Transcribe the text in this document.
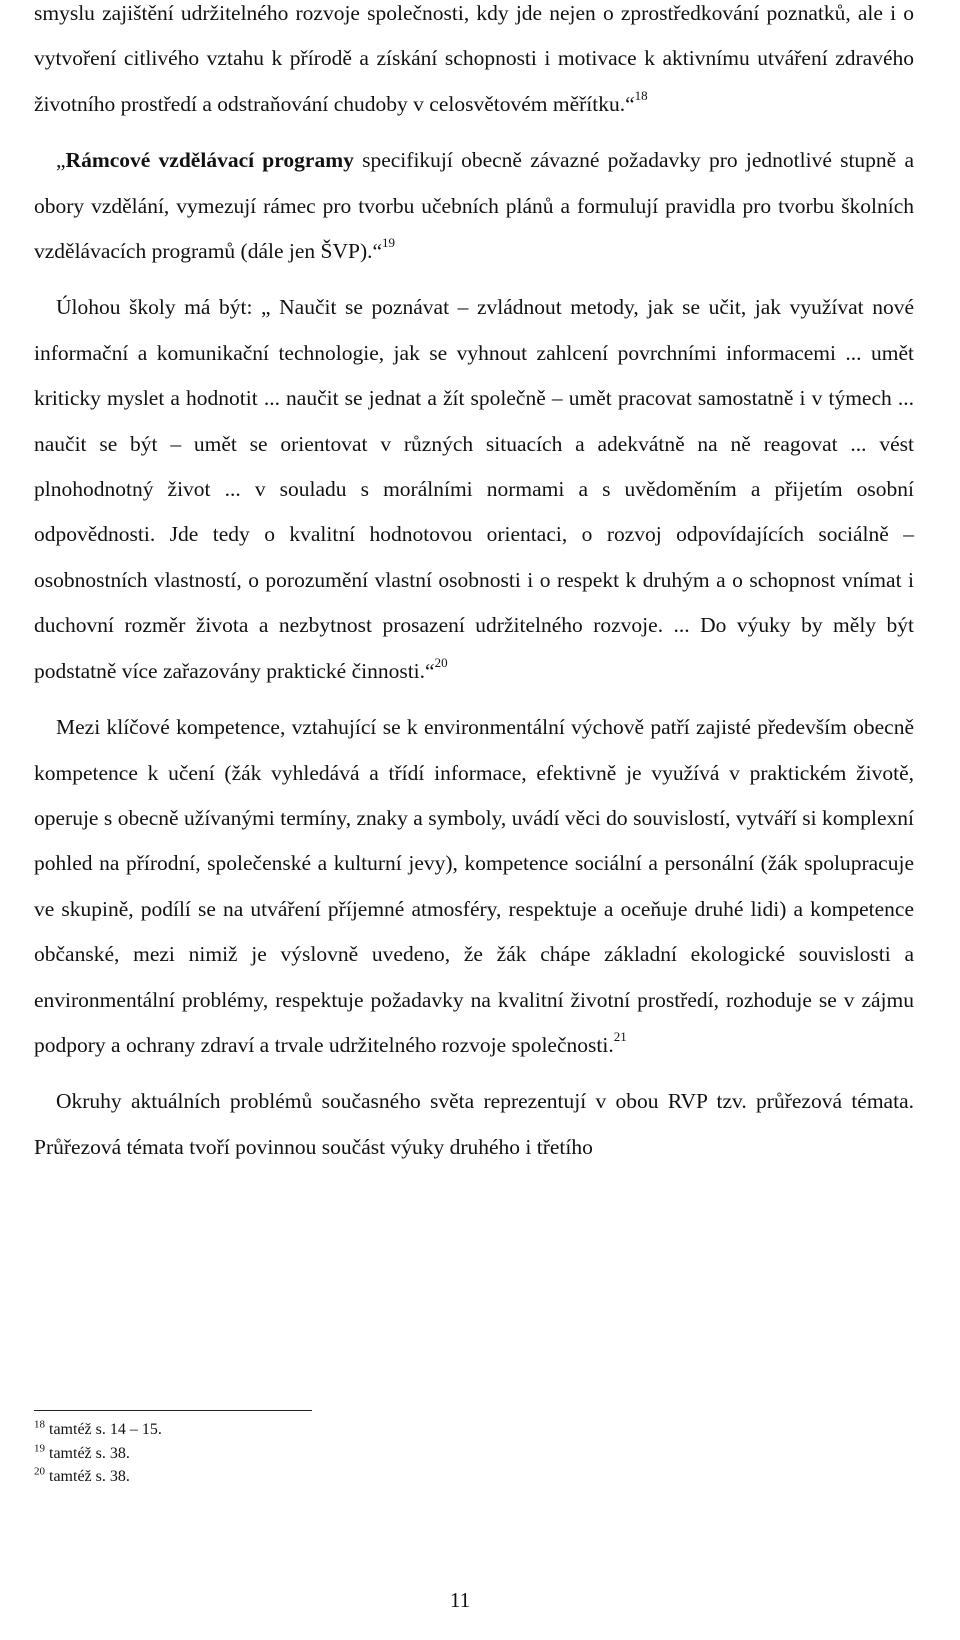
smyslu zajištění udržitelného rozvoje společnosti, kdy jde nejen o zprostředkování poznatků, ale i o vytvoření citlivého vztahu k přírodě a získání schopnosti i motivace k aktivnímu utváření zdravého životního prostředí a odstraňování chudoby v celosvětovém měřítku.“$^{18}$

„Rámcové vzdělávací programy specifikují obecně závazné požadavky pro jednotlivé stupně a obory vzdělání, vymezují rámec pro tvorbu učebních plánů a formulují pravidla pro tvorbu školních vzdělávacích programů (dále jen ŠVP).“$^{19}$

Úlohou školy má být: „ Naučit se poznávat – zvládnout metody, jak se učit, jak využívat nové informační a komunikační technologie, jak se vyhnout zahlcení povrchními informacemi ... umět kriticky myslet a hodnotit ... naučit se jednat a žít společně – umět pracovat samostatně i v týmech ... naučit se být – umět se orientovat v různých situacích a adekvátně na ně reagovat ... vést plnohodnotný život ... v souladu s morálními normami a s uvědoměním a přijetím osobní odpovědnosti. Jde tedy o kvalitní hodnotovou orientaci, o rozvoj odpovídajících sociálně – osobnostních vlastností, o porozumění vlastní osobnosti i o respekt k druhým a o schopnost vnímat i duchovní rozměr života a nezbytnost prosazení udržitelného rozvoje. ... Do výuky by měly být podstatně více zařazovány praktické činnosti.“$^{20}$

Mezi klíčové kompetence, vztahující se k environmentální výchově patří zajisté především obecně kompetence k učení (žák vyhledává a třídí informace, efektivně je využívá v praktickém životě, operuje s obecně užívanými termíny, znaky a symboly, uvádí věci do souvislostí, vytváří si komplexní pohled na přírodní, společenské a kulturní jevy), kompetence sociální a personální (žák spolupracuje ve skupině, podílí se na utváření příjemné atmosféry, respektuje a oceňuje druhé lidi) a kompetence občanské, mezi nimiž je výslovně uvedeno, že žák chápe základní ekologické souvislosti a environmentální problémy, respektuje požadavky na kvalitní životní prostředí, rozhoduje se v zájmu podpory a ochrany zdraví a trvale udržitelného rozvoje společnosti.$^{21}$

Okruhy aktuálních problémů současného světa reprezentují v obou RVP tzv. průřezová témata. Průřezová témata tvoří povinnou součást výuky druhého i třetího

$^{18}$ tamtéž s. 14 – 15.
$^{19}$ tamtéž s. 38.
$^{20}$ tamtéž s. 38.
11
